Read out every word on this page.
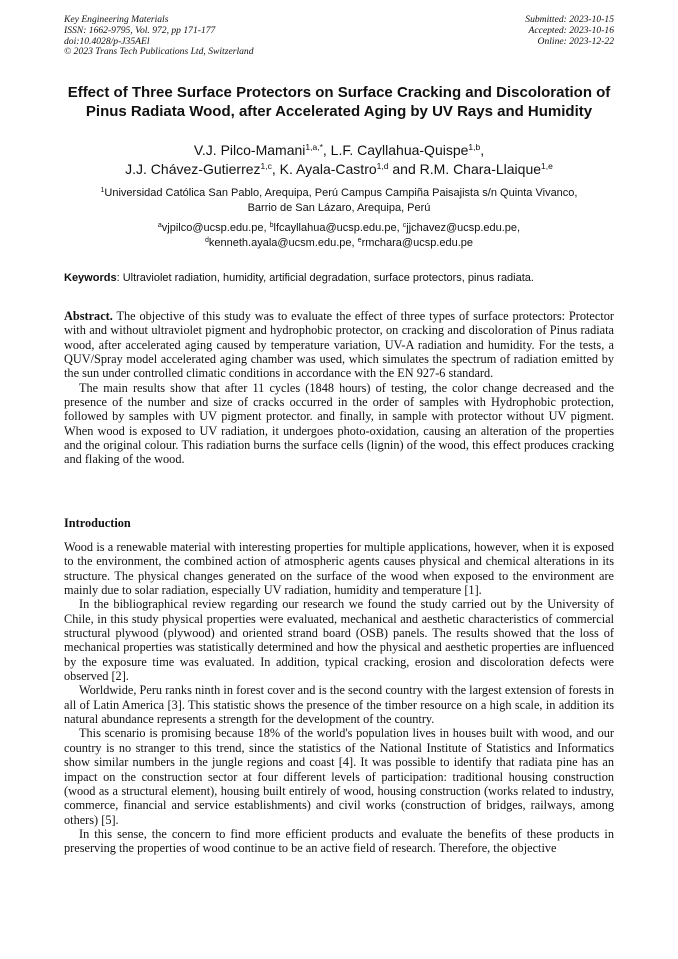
Key Engineering Materials
ISSN: 1662-9795, Vol. 972, pp 171-177
doi:10.4028/p-J35AEl
© 2023 Trans Tech Publications Ltd, Switzerland
Submitted: 2023-10-15
Accepted: 2023-10-16
Online: 2023-12-22
Effect of Three Surface Protectors on Surface Cracking and Discoloration of Pinus Radiata Wood, after Accelerated Aging by UV Rays and Humidity
V.J. Pilco-Mamani$^{1,a,*}$, L.F. Cayllahua-Quispe$^{1,b}$,
J.J. Chávez-Gutierrez$^{1,c}$, K. Ayala-Castro$^{1,d}$ and R.M. Chara-Llaique$^{1,e}$
$^1$Universidad Católica San Pablo, Arequipa, Perú Campus Campiña Paisajista s/n Quinta Vivanco,
Barrio de San Lázaro, Arequipa, Perú
$^a$vjpilco@ucsp.edu.pe, $^b$lfcayllahua@ucsp.edu.pe, $^c$jjchavez@ucsp.edu.pe,
$^d$kenneth.ayala@ucsm.edu.pe, $^e$rmchara@ucsp.edu.pe
Keywords: Ultraviolet radiation, humidity, artificial degradation, surface protectors, pinus radiata.

Abstract. The objective of this study was to evaluate the effect of three types of surface protectors: Protector with and without ultraviolet pigment and hydrophobic protector, on cracking and discoloration of Pinus radiata wood, after accelerated aging caused by temperature variation, UV-A radiation and humidity. For the tests, a QUV/Spray model accelerated aging chamber was used, which simulates the spectrum of radiation emitted by the sun under controlled climatic conditions in accordance with the EN 927-6 standard.

The main results show that after 11 cycles (1848 hours) of testing, the color change decreased and the presence of the number and size of cracks occurred in the order of samples with Hydrophobic protection, followed by samples with UV pigment protector. and finally, in sample with protector without UV pigment. When wood is exposed to UV radiation, it undergoes photo-oxidation, causing an alteration of the properties and the original colour. This radiation burns the surface cells (lignin) of the wood, this effect produces cracking and flaking of the wood.

Introduction

Wood is a renewable material with interesting properties for multiple applications, however, when it is exposed to the environment, the combined action of atmospheric agents causes physical and chemical alterations in its structure. The physical changes generated on the surface of the wood when exposed to the environment are mainly due to solar radiation, especially UV radiation, humidity and temperature [1].

In the bibliographical review regarding our research we found the study carried out by the University of Chile, in this study physical properties were evaluated, mechanical and aesthetic characteristics of commercial structural plywood (plywood) and oriented strand board (OSB) panels. The results showed that the loss of mechanical properties was statistically determined and how the physical and aesthetic properties are influenced by the exposure time was evaluated. In addition, typical cracking, erosion and discoloration defects were observed [2].

Worldwide, Peru ranks ninth in forest cover and is the second country with the largest extension of forests in all of Latin America [3]. This statistic shows the presence of the timber resource on a high scale, in addition its natural abundance represents a strength for the development of the country.

This scenario is promising because 18% of the world's population lives in houses built with wood, and our country is no stranger to this trend, since the statistics of the National Institute of Statistics and Informatics show similar numbers in the jungle regions and coast [4]. It was possible to identify that radiata pine has an impact on the construction sector at four different levels of participation: traditional housing construction (wood as a structural element), housing built entirely of wood, housing construction (works related to industry, commerce, financial and service establishments) and civil works (construction of bridges, railways, among others) [5].

In this sense, the concern to find more efficient products and evaluate the benefits of these products in preserving the properties of wood continue to be an active field of research. Therefore, the objective
